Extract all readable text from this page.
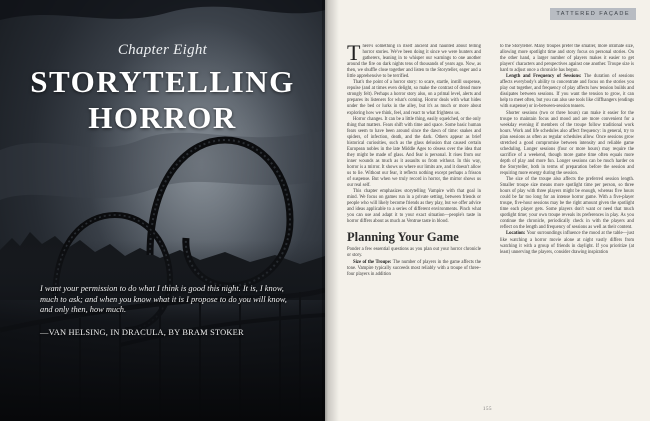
Chapter Eight
STORYTELLING
HORROR
I want your permission to do what I think is good this night. It is, I know, much to ask; and when you know what it is I propose to do you will know, and only then, how much.
—VAN HELSING, IN DRACULA, BY BRAM STOKER
TATTERED FAÇADE

There's something in itself ancient and haunted about telling horror stories. We've been doing it since we were hunters and gatherers, leaning in to whisper our warnings to one another around the fire on dark nights tens of thousands of years ago. Now, as then, we shuffle close together and listen to the Storyteller, eager and a little apprehensive to be terrified.

That's the point of a horror story: to scare, startle, instill suspense, repulse (and at times even delight, so make the contrast of dread more strongly felt). Perhaps a horror story also, on a primal level, alerts and prepares its listeners for what's coming. Horror deals with what hides under the bed or lurks in the alley, but it's as much or more about exploring how we think, feel, and react to what frightens us.

Horror changes. It can be a little thing, easily squelched, or the only thing that matters. Fears shift with time and space. Some basic human fears seem to have been around since the dawn of time: snakes and spiders, of infection, death, and the dark. Others appear as brief historical curiosities, such as the glass delusion that caused certain European nobles in the late Middle Ages to obsess over the idea that they might be made of glass. And fear is personal. It rises from our inner wounds as much as it assaults us from without. In this way, horror is a mirror. It shows us where our limits are, and it doesn't allow us to lie. Without our fear, it reflects nothing except perhaps a frisson of suspense. But when we truly record in horror, the mirror shows us our real self.

This chapter emphasizes storytelling Vampire with that goal in mind. We focus on games run in a private setting, between friends or people who will likely become friends as they play, but we offer advice and ideas applicable to a series of different environments. Pinch what you can use and adapt it to your exact situation—people's taste in horror differs about as much as Ventrue taste in blood.

Planning Your Game

Ponder a few essential questions as you plan out your horror chronicle or story.

Size of the Troupe: The number of players in the game affects the tone. Vampire typically succeeds most reliably with a troupe of three–four players in addition

to the Storyteller. Many troupes prefer the smaller, more intimate size, allowing more spotlight time and story focus on personal stories. On the other hand, a larger number of players makes it easier to get players' characters and perspectives against one another. Troupe size is hard to adjust once a chronicle has begun.

Length and Frequency of Sessions: The duration of sessions affects everybody's ability to concentrate and focus on the stories you play out together, and frequency of play affects how tension builds and dissipates between sessions. If you want the tension to grow, it can help to meet often, but you can also use tools like cliffhangers (endings with suspense) or in-between-session teasers.

Shorter sessions (two or three hours) can make it easier for the troupe to maintain focus and mood and are more convenient for a weekday evening if members of the troupe follow traditional work hours. Work and life schedules also affect frequency: in general, try to plan sessions as often as regular schedules allow. Once sessions grow stretched a good compromise between intensity and reliable game scheduling. Longer sessions (four or more hours) may require the sacrifice of a weekend, though more game time often equals more depth of play and more fun. Longer sessions can be much harder on the Storyteller, both in terms of preparation before the session and requiring more energy during the session.

The size of the troupe also affects the preferred session length. Smaller troupe size means more spotlight time per person, so three hours of play with three players might be enough, whereas five hours could be far too long for an intense horror game. With a five-player troupe, five-hour sessions may be the right amount given the spotlight time each player gets. Some players don't want or need that much spotlight time; your own troupe reveals its preferences in play. As you continue the chronicle, periodically check in with the players and reflect on the length and frequency of sessions as well as their content.

Location: Your surroundings influence the mood at the table—just like watching a horror movie alone at night vastly differs from watching it with a group of friends in daylight. If you prioritize (at least) unnerving the players, consider drawing inspiration

155
